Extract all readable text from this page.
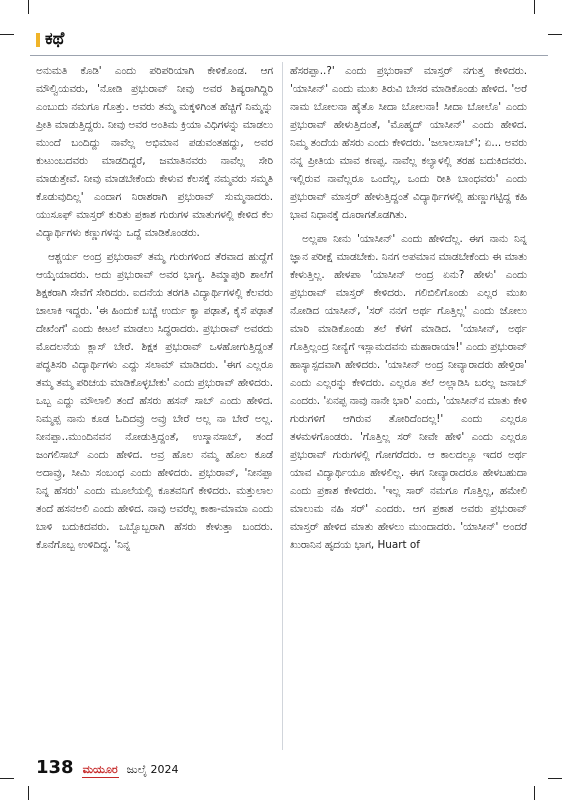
ಕಥೆ

ಅನುಮತಿ ಕೊಡಿ' ಎಂದು ಪರಿಪರಿಯಾಗಿ ಕೇಳಿಕೊಂಡ. ಆಗ ಮೌಲ್ವಿಯವರು, 'ನೋಡಿ ಪ್ರಭುರಾವ್ ನೀವು ಅವರ ಶಿಷ್ಯರಾಗಿದ್ದಿರಿ ಎಂಬುದು ನಮಗೂ ಗೊತ್ತು. ಅವರು ತಮ್ಮ ಮಕ್ಕಳಿಗಿಂತ ಹೆಚ್ಚಿಗೆ ನಿಮ್ಮನ್ನು ಪ್ರೀತಿ ಮಾಡುತ್ತಿದ್ದರು. ನೀವು ಅವರ ಅಂತಿಮ ಕ್ರಿಯಾ ವಿಧಿಗಳನ್ನು ಮಾಡಲು ಮುಂದೆ ಬಂದಿದ್ದು ನಾವೆಲ್ಲ ಅಭಿಮಾನ ಪಡುವಂತಹದ್ದು, ಅವರ ಕುಟುಂಬದವರು ಮಾಡದಿದ್ದರೆ, ಜಮಾತಿನವರು ನಾವೆಲ್ಲ ಸೇರಿ ಮಾಡುತ್ತೇವೆ. ನೀವು ಮಾಡಬೇಕೆಂದು ಕೇಳುವ ಕೆಲಸಕ್ಕೆ ನಮ್ಮವರು ಸಮ್ಮತಿ ಕೊಡುವುದಿಲ್ಲ' ಎಂದಾಗ ನಿರಾಶರಾಗಿ ಪ್ರಭುರಾವ್ ಸುಮ್ಮನಾದರು. ಯುಸೂಫ್ ಮಾಸ್ತರ್ ಕುರಿತು ಪ್ರಕಾಶ ಗುರುಗಳ ಮಾತುಗಳಲ್ಲಿ ಕೇಳಿದ ಕೆಲ ವಿದ್ಯಾರ್ಥಿಗಳು ಕಣ್ಣುಗಳನ್ನು ಒದ್ದೆ ಮಾಡಿಕೊಂಡರು.

ಆಶ್ಚರ್ಯ ಅಂದ್ರ ಪ್ರಭುರಾವ್ ತಮ್ಮ ಗುರುಗಳಿಂದ ತೆರವಾದ ಹುದ್ದೆಗೆ ಆಯ್ಕೆಯಾದರು. ಅದು ಪ್ರಭುರಾವ್ ಅವರ ಭಾಗ್ಯ. ತಿಮ್ಮಾಪುರಿ ಶಾಲೆಗೆ ಶಿಕ್ಷಕರಾಗಿ ಸೇವೆಗೆ ಸೇರಿದರು. ಐದನೆಯ ತರಗತಿ ವಿದ್ಯಾರ್ಥಿಗಳಲ್ಲಿ ಕೆಲವರು ಚಾಲಾಕಿ ಇದ್ದರು. 'ಈ ಹಿಂದುಕೆ ಬಚ್ಚೆ ಉರ್ದು ಕ್ಯಾ ಪಢಾತೆ, ಕೈಸೆ ಪಢಾತೆ ದೇಖೆಂಗೆ' ಎಂದು ಕೀಟಲೆ ಮಾಡಲು ಸಿದ್ಧರಾದರು. ಪ್ರಭುರಾವ್ ಅವರದು ಮೊದಲನೆಯ ಕ್ಲಾಸ್ ಬೇರೆ. ಶಿಕ್ಷಕ ಪ್ರಭುರಾವ್ ಒಳಹೋಗುತ್ತಿದ್ದಂತೆ ಪದ್ಧತಿಸರಿ ವಿದ್ಯಾರ್ಥಿಗಳು ಎದ್ದು ಸಲಾಮ್ ಮಾಡಿದರು. 'ಈಗ ಎಲ್ಲರೂ ತಮ್ಮ ತಮ್ಮ ಪರಿಚಯ ಮಾಡಿಕೊಳ್ಳಬೇಕು' ಎಂದು ಪ್ರಭುರಾವ್ ಹೇಳಿದರು. ಒಬ್ಬ ಎದ್ದು ಮೌಲಾಲಿ ತಂದೆ ಹೆಸರು ಹಸನ್ ಸಾಬ್ ಎಂದು ಹೇಳಿದ. ನಿಮ್ಮಪ್ಪ ನಾನು ಕೂಡ ಓದಿದವ್ರು ಅವ್ರು ಬೇರೆ ಅಲ್ಲ ನಾ ಬೇರೆ ಅಲ್ಲ. ನೀನಪ್ಪಾ..ಮುಂದಿನವನ ನೋಡುತ್ತಿದ್ದಂತೆ, ಉಸ್ಮಾನಸಾಬ್, ತಂದೆ ಜಂಗಲಿಸಾಬ್ ಎಂದು ಹೇಳಿದ. ಅವ್ರ ಹೊಲ ನಮ್ಮ ಹೊಲ ಕೂಡೆ ಅದಾವ್ರು, ಸೀಮಿ ಸಂಬಂಧ ಎಂದು ಹೇಳಿದರು. ಪ್ರಭುರಾವ್, 'ನೀನಪ್ಪಾ ನಿನ್ನ ಹೆಸರು' ಎಂದು ಮೂಲೆಯಲ್ಲಿ ಕೂತವನಿಗೆ ಕೇಳಿದರು. ಮತ್ತುಲಾಲ ತಂದೆ ಹಸನಅಲಿ ಎಂದು ಹೇಳಿದ. ನಾವು ಅವರೆಲ್ಲ ಕಾಕಾ-ಮಾಮಾ ಎಂದು ಬಾಳಿ ಬದುಕಿದವರು. ಒಬ್ಬೊಬ್ಬರಾಗಿ ಹೆಸರು ಕೇಳುತ್ತಾ ಬಂದರು. ಕೊನೆಗೊಬ್ಬ ಉಳಿದಿದ್ದ. 'ನಿನ್ನ

ಹೆಸರಪ್ಪಾ..?' ಎಂದು ಪ್ರಭುರಾವ್ ಮಾಸ್ತರ್ ನಗುತ್ತ ಕೇಳಿದರು. 'ಯಾಸೀನ್' ಎಂದು ಮುಖ ತಿರುವಿ ಬೇಸರ ಮಾಡಿಕೊಂಡು ಹೇಳಿದ. 'ಅರೆ ನಾಮ ಬೋಲನಾ ಹೈತೊ ಸೀದಾ ಬೋಲನಾ! ಸೀದಾ ಬೋಲೊ' ಎಂದು ಪ್ರಭುರಾವ್ ಹೇಳುತ್ತಿದಂತೆ, 'ಮೊಹ್ಮದ್ ಯಾಸೀನ್' ಎಂದು ಹೇಳಿದ. ನಿಮ್ಮ ತಂದೆಯ ಹೆಸರು ಎಂದು ಕೇಳಿದರು. 'ಜಲಾಲಸಾಬ್'; ಏ... ಅವರು ನನ್ನ ಪ್ರೀತಿಯ ಮಾವ ಕಣಪ್ಪ. ನಾವೆಲ್ಲ ಕಲ್ಯಾಳಲ್ಲಿ ತರಹ ಬದುಕಿದವರು. ಇಲ್ಲಿರುವ ನಾವೆಲ್ಲರೂ ಒಂದೆಲ್ಲ, ಒಂದು ರೀತಿ ಬಾಂಧವರು' ಎಂದು ಪ್ರಭುರಾವ್ ಮಾಸ್ತರ್ ಹೇಳುತ್ತಿದ್ದಂತೆ ವಿದ್ಯಾರ್ಥಿಗಳಲ್ಲಿ ಹುಣ್ಣುಗಟ್ಟಿದ್ದ ಕಹಿ ಭಾವ ನಿಧಾನಕ್ಕೆ ದೂರಾಗತೊಡಗಿತು.

ಅಲ್ಲಪಾ ನೀನು 'ಯಾಸೀನ್' ಎಂದು ಹೇಳಿದೆಲ್ಲ. ಈಗ ನಾನು ನಿನ್ನ ಜ್ಞಾನ ಪರೀಕ್ಷೆ ಮಾಡಬೇಕು. ನಿನಗ ಅಪಮಾನ ಮಾಡಬೇಕೆಂದು ಈ ಮಾತು ಕೇಳುತ್ತಿಲ್ಲ. ಹೇಳಪಾ 'ಯಾಸೀನ್ ಅಂದ್ರ ಏನು? ಹೇಳು' ಎಂದು ಪ್ರಭುರಾವ್ ಮಾಸ್ತರ್ ಕೇಳಿದರು. ಗಲಿಬಿಲಿಗೊಂಡು ಎಲ್ಲರ ಮುಖ ನೋಡಿದ ಯಾಸೀನ್, 'ಸರ್ ನನಗೆ ಅರ್ಥ ಗೊತ್ತಿಲ್ಲ' ಎಂದು ಜೋಲು ಮಾರಿ ಮಾಡಿಕೊಂಡು ತಲೆ ಕೆಳಗೆ ಮಾಡಿದ. 'ಯಾಸೀನ್, ಅರ್ಥ ಗೊತ್ತಿಲ್ಲಂದ್ರ ನೀನ್ಯೆಗೆ ಇಸ್ಲಾಮದವನು ಮಹಾರಾಯಾ!' ಎಂದು ಪ್ರಭುರಾವ್ ಹಾಸ್ಯಾಸ್ಪದವಾಗಿ ಹೇಳಿದರು. 'ಯಾಸೀನ್ ಅಂದ್ರ ನೀವ್ಯಾರಾದರು ಹೇಳ್ತಿರಾ' ಎಂದು ಎಲ್ಲರನ್ನು ಕೇಳಿದರು. ಎಲ್ಲರೂ ತಲೆ ಅಲ್ಲಾಡಿಸಿ ಬರಲ್ಲ ಜನಾಬ್ ಎಂದರು. 'ಏನಪ್ಪ ನಾವು ನಾನೇ ಭಾರಿ' ಎಂದು, 'ಯಾಸೀನ್‌ನ ಮಾತು ಕೇಳಿ ಗುರುಗಳಿಗೆ ಆಗಿರುವ ತೋರಿದೆಂದಲ್ಲ!' ಎಂದು ಎಲ್ಲರೂ ತಳಮಳಗೊಂಡರು. 'ಗೊತ್ತಿಲ್ಲ ಸರ್ ನೀವೇ ಹೇಳಿ' ಎಂದು ಎಲ್ಲರೂ ಪ್ರಭುರಾವ್ ಗುರುಗಳಲ್ಲಿ ಗೋಗರೆದರು. ಆ ಕಾಲದಲ್ಲೂ ಇದರ ಅರ್ಥ ಯಾವ ವಿದ್ಯಾರ್ಥಿಯೂ ಹೇಳಲಿಲ್ಲ. ಈಗ ನೀವ್ಯಾರಾದರೂ ಹೇಳಬಹುದಾ ಎಂದು ಪ್ರಕಾಶ ಕೇಳಿದರು. 'ಇಲ್ಲ ಸಾರ್ ನಮಗೂ ಗೊತ್ತಿಲ್ಲ, ಹಮೇಲಿ ಮಾಲುಮ ನಹಿ ಸರ್' ಎಂದರು. ಆಗ ಪ್ರಕಾಶ ಅವರು ಪ್ರಭುರಾವ್ ಮಾಸ್ತರ್ ಹೇಳಿದ ಮಾತು ಹೇಳಲು ಮುಂದಾದರು. 'ಯಾಸೀನ್' ಅಂದರೆ ಖುರಾನಿನ ಹೃದಯ ಭಾಗ, Huart of

138 ಮಯೂರ ಜುಲೈ 2024
